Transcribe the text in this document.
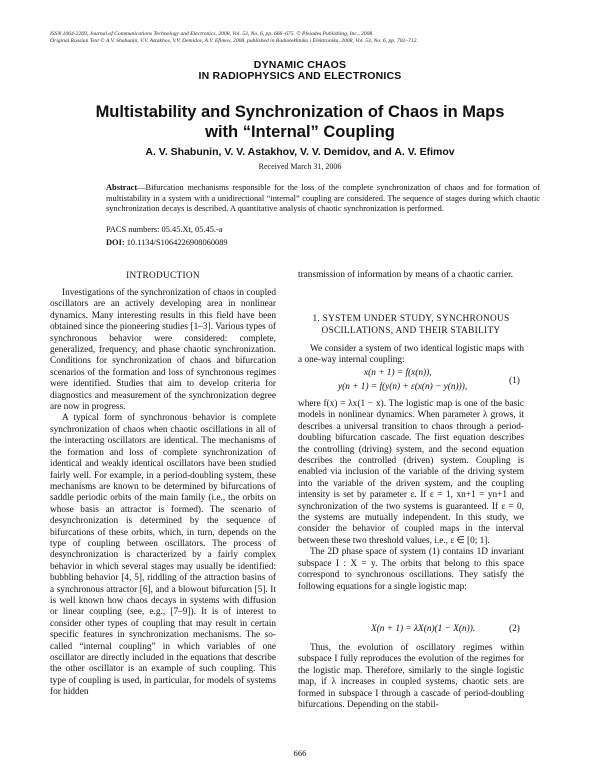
ISSN 1064-2269, Journal of Communications Technology and Electronics, 2008, Vol. 53, No. 6, pp. 666–675. © Pleiades Publishing, Inc., 2008.
Original Russian Text © A.V. Shabunin, V.V. Astakhov, V.V. Demidov, A.V. Efimov, 2008, published in Radiotekhnika i Elektronika, 2008, Vol. 53, No. 6, pp. 702–712.
DYNAMIC CHAOS
IN RADIOPHYSICS AND ELECTRONICS
Multistability and Synchronization of Chaos in Maps
with “Internal” Coupling
A. V. Shabunin, V. V. Astakhov, V. V. Demidov, and A. V. Efimov
Received March 31, 2006
Abstract—Bifurcation mechanisms responsible for the loss of the complete synchronization of chaos and for formation of multistability in a system with a unidirectional “internal” coupling are considered. The sequence of stages during which chaotic synchronization decays is described. A quantitative analysis of chaotic synchronization is performed.
PACS numbers: 05.45.Xt, 05.45.-a
DOI: 10.1134/S1064226908060089
INTRODUCTION

Investigations of the synchronization of chaos in coupled oscillators are an actively developing area in nonlinear dynamics. Many interesting results in this field have been obtained since the pioneering studies [1–3]. Various types of synchronous behavior were considered: complete, generalized, frequency, and phase chaotic synchronization. Conditions for synchronization of chaos and bifurcation scenarios of the formation and loss of synchronous regimes were identified. Studies that aim to develop criteria for diagnostics and measurement of the synchronization degree are now in progress.

A typical form of synchronous behavior is complete synchronization of chaos when chaotic oscillations in all of the interacting oscillators are identical. The mechanisms of the formation and loss of complete synchronization of identical and weakly identical oscillators have been studied fairly well. For example, in a period-doubling system, these mechanisms are known to be determined by bifurcations of saddle periodic orbits of the main family (i.e., the orbits on whose basis an attractor is formed). The scenario of desynchronization is determined by the sequence of bifurcations of these orbits, which, in turn, depends on the type of coupling between oscillators. The process of desynchronization is characterized by a fairly complex behavior in which several stages may usually be identified: bubbling behavior [4, 5], riddling of the attraction basins of a synchronous attractor [6], and a blowout bifurcation [5]. It is well known how chaos decays in systems with diffusion or linear coupling (see, e.g., [7–9]). It is of interest to consider other types of coupling that may result in certain specific features in synchronization mechanisms. The so-called “internal coupling” in which variables of one oscillator are directly included in the equations that describe the other oscillator is an example of such coupling. This type of coupling is used, in particular, for models of systems for hidden

transmission of information by means of a chaotic carrier.

1. SYSTEM UNDER STUDY, SYNCHRONOUS
OSCILLATIONS, AND THEIR STABILITY

We consider a system of two identical logistic maps with a one-way internal coupling:

x(n + 1) = f(x(n)),
y(n + 1) = f(y(n) + ε(x(n) − y(n))),
(1)

where f(x) = λx(1 − x). The logistic map is one of the basic models in nonlinear dynamics. When parameter λ grows, it describes a universal transition to chaos through a period-doubling bifurcation cascade. The first equation describes the controlling (driving) system, and the second equation describes the controlled (driven) system. Coupling is enabled via inclusion of the variable of the driving system into the variable of the driven system, and the coupling intensity is set by parameter ε. If ε = 1, xn+1 = yn+1 and synchronization of the two systems is guaranteed. If ε = 0, the systems are mutually independent. In this study, we consider the behavior of coupled maps in the interval between these two threshold values, i.e., ε ∈ [0; 1].

The 2D phase space of system (1) contains 1D invariant subspace I : X = y. The orbits that belong to this space correspond to synchronous oscillations. They satisfy the following equations for a single logistic map:

X(n + 1) = λX(n)(1 − X(n)).	(2)

Thus, the evolution of oscillatory regimes within subspace I fully reproduces the evolution of the regimes for the logistic map. Therefore, similarly to the single logistic map, if λ increases in coupled systems, chaotic sets are formed in subspace I through a cascade of period-doubling bifurcations. Depending on the stabil-

666
